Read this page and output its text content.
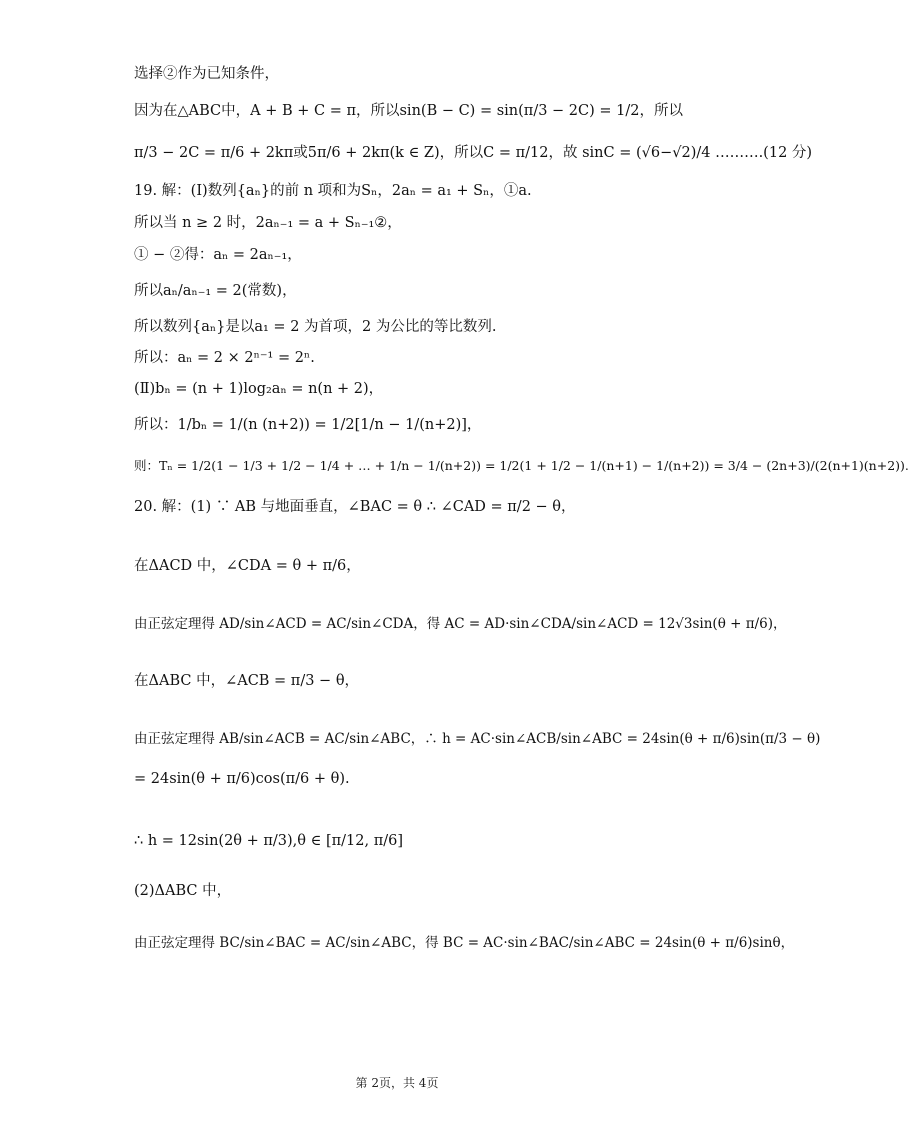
选择②作为已知条件，
因为在△ABC中，A + B + C = π，所以sin(B − C) = sin(π/3 − 2C) = 1/2，所以
π/3 − 2C = π/6 + 2kπ或5π/6 + 2kπ(k ∈ Z)，所以C = π/12，故 sinC = (√6−√2)/4 ……….(12 分)
19. 解：(Ⅰ)数列{aₙ}的前 n 项和为Sₙ，2aₙ = a₁ + Sₙ，①a.
所以当 n ≥ 2 时，2aₙ₋₁ = a + Sₙ₋₁②，
① − ②得：aₙ = 2aₙ₋₁，
所以aₙ/aₙ₋₁ = 2(常数)，
所以数列{aₙ}是以a₁ = 2 为首项，2 为公比的等比数列.
所以：aₙ = 2 × 2ⁿ⁻¹ = 2ⁿ.
(Ⅱ)bₙ = (n + 1)log₂aₙ = n(n + 2)，
所以：1/bₙ = 1/(n (n+2)) = 1/2[1/n − 1/(n+2)]，
则：Tₙ = 1/2(1 − 1/3 + 1/2 − 1/4 + … + 1/n − 1/(n+2)) = 1/2(1 + 1/2 − 1/(n+1) − 1/(n+2)) = 3/4 − (2n+3)/(2(n+1)(n+2)).
20. 解：(1) ∵ AB 与地面垂直，∠BAC = θ ∴ ∠CAD = π/2 − θ，
在ΔACD 中，∠CDA = θ + π/6，
由正弦定理得 AD/sin∠ACD = AC/sin∠CDA，得 AC = AD·sin∠CDA/sin∠ACD = 12√3sin(θ + π/6)，
在ΔABC 中，∠ACB = π/3 − θ，
由正弦定理得 AB/sin∠ACB = AC/sin∠ABC，∴ h = AC·sin∠ACB/sin∠ABC = 24sin(θ + π/6)sin(π/3 − θ)
= 24sin(θ + π/6)cos(π/6 + θ).
∴ h = 12sin(2θ + π/3),θ ∈ [π/12, π/6]
(2)ΔABC 中，
由正弦定理得 BC/sin∠BAC = AC/sin∠ABC，得 BC = AC·sin∠BAC/sin∠ABC = 24sin(θ + π/6)sinθ，
第 2页，共 4页
